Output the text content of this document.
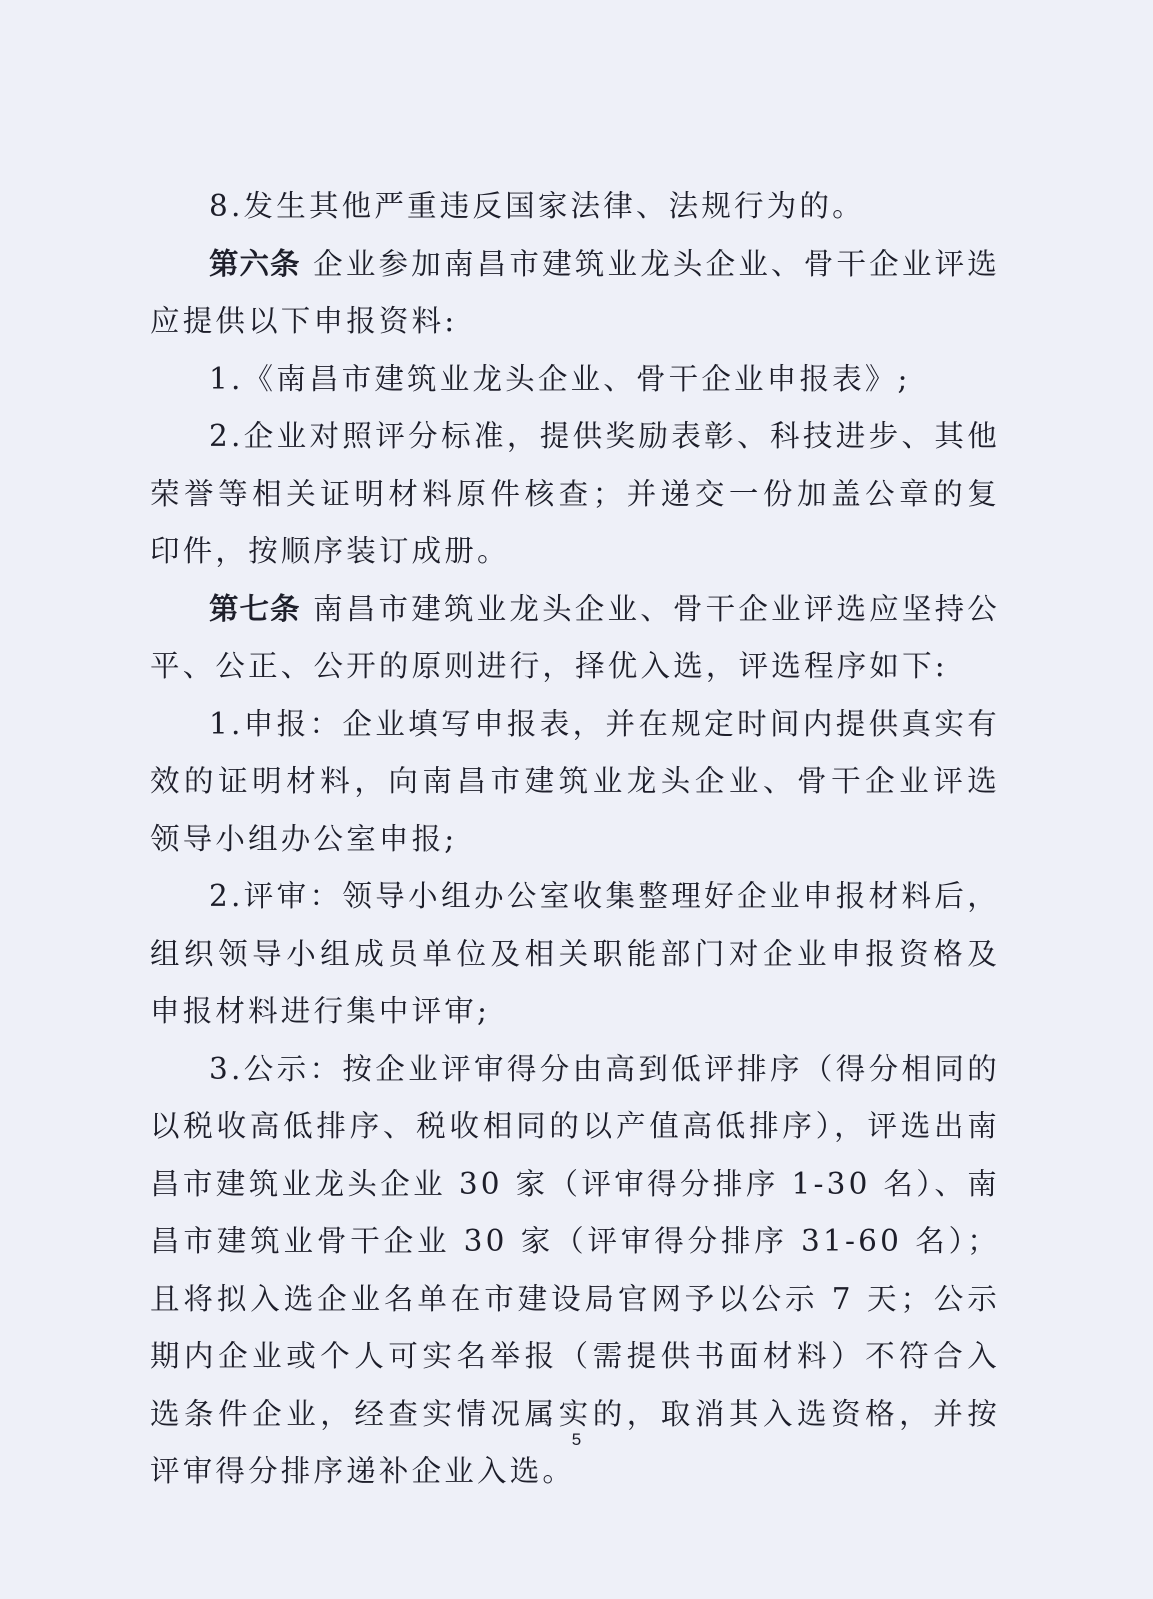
8.发生其他严重违反国家法律、法规行为的。

第六条 企业参加南昌市建筑业龙头企业、骨干企业评选应提供以下申报资料:

1.《南昌市建筑业龙头企业、骨干企业申报表》;

2.企业对照评分标准，提供奖励表彰、科技进步、其他荣誉等相关证明材料原件核查；并递交一份加盖公章的复印件，按顺序装订成册。

第七条 南昌市建筑业龙头企业、骨干企业评选应坚持公平、公正、公开的原则进行，择优入选，评选程序如下:

1.申报：企业填写申报表，并在规定时间内提供真实有效的证明材料，向南昌市建筑业龙头企业、骨干企业评选领导小组办公室申报;

2.评审：领导小组办公室收集整理好企业申报材料后，组织领导小组成员单位及相关职能部门对企业申报资格及申报材料进行集中评审;

3.公示：按企业评审得分由高到低评排序（得分相同的以税收高低排序、税收相同的以产值高低排序），评选出南昌市建筑业龙头企业 30 家（评审得分排序 1-30 名）、南昌市建筑业骨干企业 30 家（评审得分排序 31-60 名）；且将拟入选企业名单在市建设局官网予以公示 7 天；公示期内企业或个人可实名举报（需提供书面材料）不符合入选条件企业，经查实情况属实的，取消其入选资格，并按评审得分排序递补企业入选。

5
